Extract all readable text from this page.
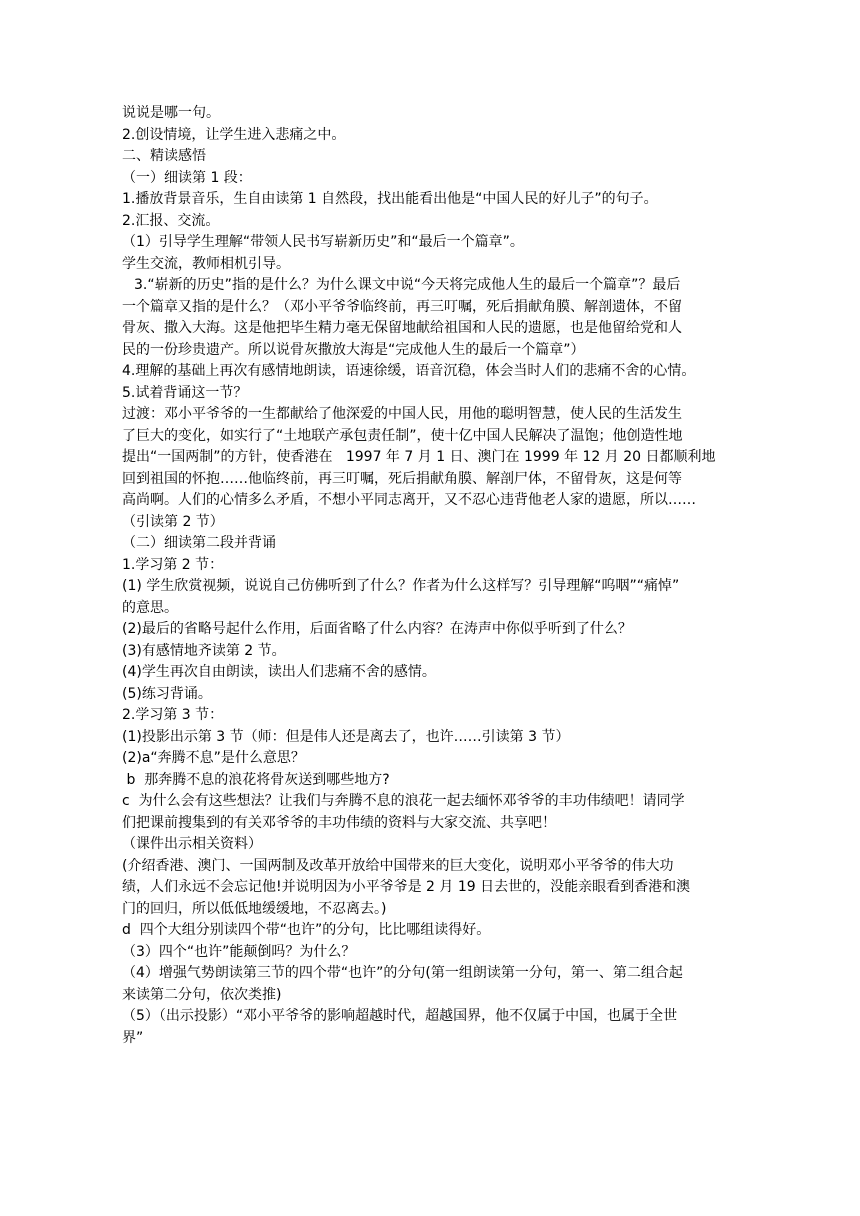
说说是哪一句。

2.创设情境，让学生进入悲痛之中。

二、精读感悟

（一）细读第 1 段：

1.播放背景音乐，生自由读第 1 自然段，找出能看出他是“中国人民的好儿子”的句子。

2.汇报、交流。

（1）引导学生理解“带领人民书写崭新历史”和“最后一个篇章”。

学生交流，教师相机引导。

3.“崭新的历史”指的是什么？为什么课文中说“今天将完成他人生的最后一个篇章”？最后

一个篇章又指的是什么？（邓小平爷爷临终前，再三叮嘱，死后捐献角膜、解剖遗体，不留

骨灰、撒入大海。这是他把毕生精力毫无保留地献给祖国和人民的遗愿，也是他留给党和人

民的一份珍贵遗产。所以说骨灰撒放大海是“完成他人生的最后一个篇章”）

4.理解的基础上再次有感情地朗读，语速徐缓，语音沉稳，体会当时人们的悲痛不舍的心情。

5.试着背诵这一节？

过渡：邓小平爷爷的一生都献给了他深爱的中国人民，用他的聪明智慧，使人民的生活发生

了巨大的变化，如实行了“土地联产承包责任制”，使十亿中国人民解决了温饱；他创造性地

提出“一国两制”的方针，使香港在   1997 年 7 月 1 日、澳门在 1999 年 12 月 20 日都顺利地

回到祖国的怀抱……他临终前，再三叮嘱，死后捐献角膜、解剖尸体，不留骨灰，这是何等

高尚啊。人们的心情多么矛盾，不想小平同志离开，又不忍心违背他老人家的遗愿，所以……

（引读第 2 节）

（二）细读第二段并背诵

1.学习第 2 节：

(1) 学生欣赏视频，说说自己仿佛听到了什么？作者为什么这样写？引导理解“呜咽”“痛悼”

的意思。

(2)最后的省略号起什么作用，后面省略了什么内容？在涛声中你似乎听到了什么？

(3)有感情地齐读第 2 节。

(4)学生再次自由朗读，读出人们悲痛不舍的感情。

(5)练习背诵。

2.学习第 3 节：

(1)投影出示第 3 节（师：但是伟人还是离去了，也许……引读第 3 节）

(2)a“奔腾不息”是什么意思？

b  那奔腾不息的浪花将骨灰送到哪些地方?

c  为什么会有这些想法？让我们与奔腾不息的浪花一起去缅怀邓爷爷的丰功伟绩吧！请同学

们把课前搜集到的有关邓爷爷的丰功伟绩的资料与大家交流、共享吧！

（课件出示相关资料）

(介绍香港、澳门、一国两制及改革开放给中国带来的巨大变化，说明邓小平爷爷的伟大功

绩，人们永远不会忘记他!并说明因为小平爷爷是 2 月 19 日去世的，没能亲眼看到香港和澳

门的回归，所以低低地缓缓地，不忍离去。)

d  四个大组分别读四个带“也许”的分句，比比哪组读得好。

（3）四个“也许”能颠倒吗？为什么？

（4）增强气势朗读第三节的四个带“也许”的分句(第一组朗读第一分句，第一、第二组合起

来读第二分句，依次类推)

（5）（出示投影）“邓小平爷爷的影响超越时代，超越国界，他不仅属于中国，也属于全世

界”
